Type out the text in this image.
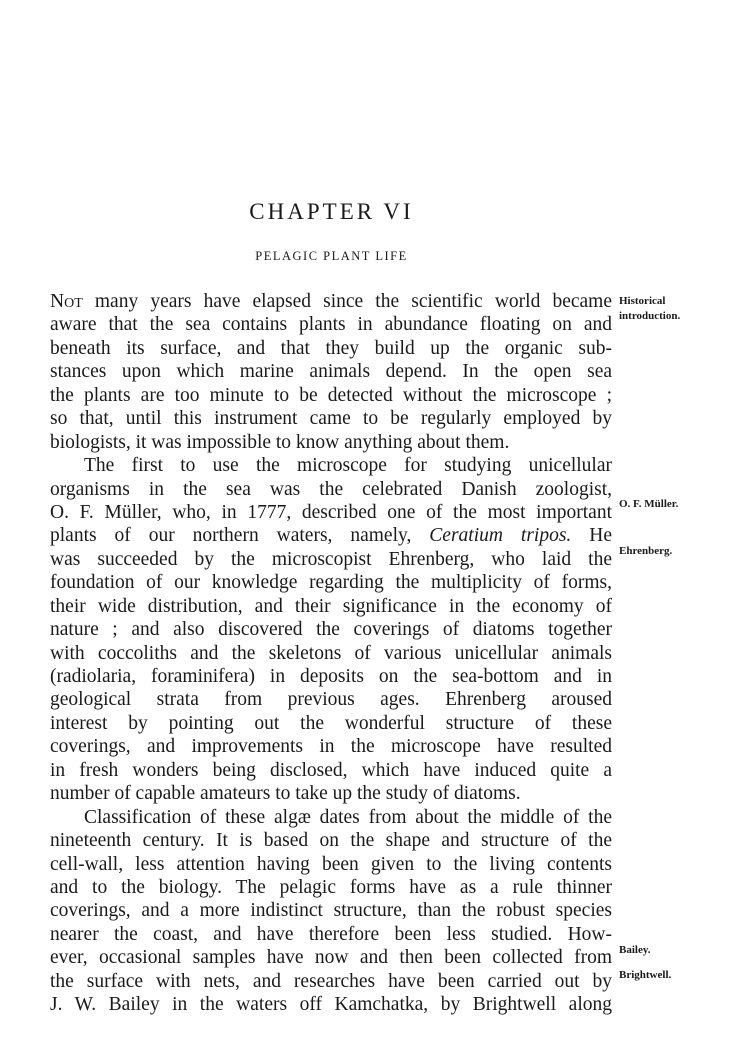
CHAPTER VI
PELAGIC PLANT LIFE
Not many years have elapsed since the scientific world became
aware that the sea contains plants in abundance floating on and
beneath its surface, and that they build up the organic sub-
stances upon which marine animals depend. In the open sea
the plants are too minute to be detected without the microscope ;
so that, until this instrument came to be regularly employed by
biologists, it was impossible to know anything about them.
The first to use the microscope for studying unicellular
organisms in the sea was the celebrated Danish zoologist,
O. F. Müller, who, in 1777, described one of the most important
plants of our northern waters, namely, Ceratium tripos. He
was succeeded by the microscopist Ehrenberg, who laid the
foundation of our knowledge regarding the multiplicity of forms,
their wide distribution, and their significance in the economy of
nature ; and also discovered the coverings of diatoms together
with coccoliths and the skeletons of various unicellular animals
(radiolaria, foraminifera) in deposits on the sea-bottom and in
geological strata from previous ages. Ehrenberg aroused
interest by pointing out the wonderful structure of these
coverings, and improvements in the microscope have resulted
in fresh wonders being disclosed, which have induced quite a
number of capable amateurs to take up the study of diatoms.
Classification of these algæ dates from about the middle of the
nineteenth century. It is based on the shape and structure of the
cell-wall, less attention having been given to the living contents
and to the biology. The pelagic forms have as a rule thinner
coverings, and a more indistinct structure, than the robust species
nearer the coast, and have therefore been less studied. How-
ever, occasional samples have now and then been collected from
the surface with nets, and researches have been carried out by
J. W. Bailey in the waters off Kamchatka, by Brightwell along
Historical
introduction.
O. F. Müller.
Ehrenberg.
Bailey.
Brightwell.
